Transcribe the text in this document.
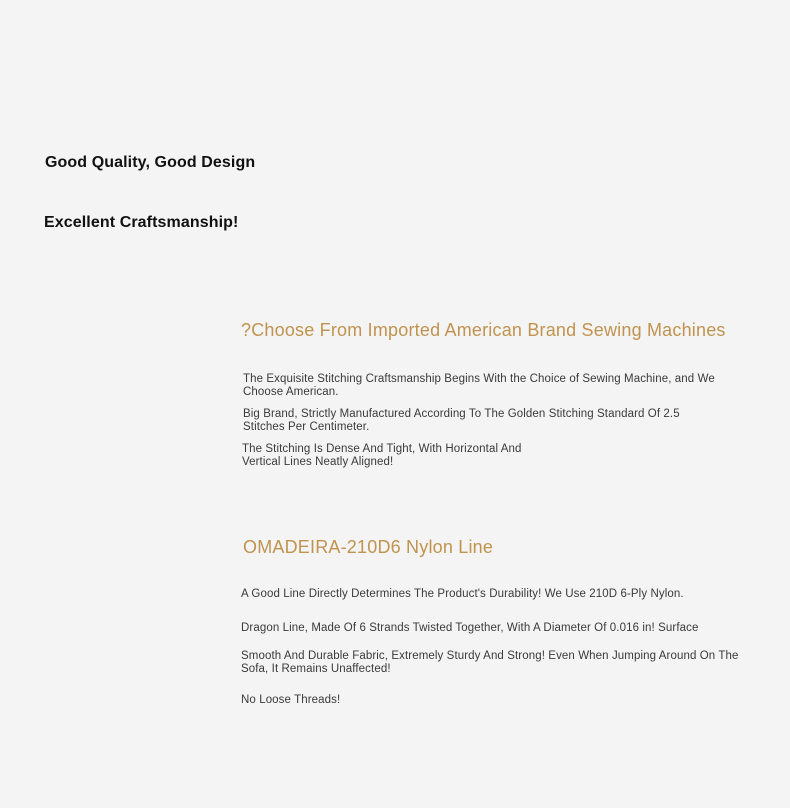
Good Quality, Good Design
Excellent Craftsmanship!
?Choose From Imported American Brand Sewing Machines
The Exquisite Stitching Craftsmanship Begins With the Choice of Sewing Machine, and We Choose American.
Big Brand, Strictly Manufactured According To The Golden Stitching Standard Of 2.5 Stitches Per Centimeter.
The Stitching Is Dense And Tight, With Horizontal And Vertical Lines Neatly Aligned!
OMADEIRA-210D6 Nylon Line
A Good Line Directly Determines The Product's Durability! We Use 210D 6-Ply Nylon.
Dragon Line, Made Of 6 Strands Twisted Together, With A Diameter Of 0.016 in! Surface
Smooth And Durable Fabric, Extremely Sturdy And Strong! Even When Jumping Around On The Sofa, It Remains Unaffected!
No Loose Threads!
